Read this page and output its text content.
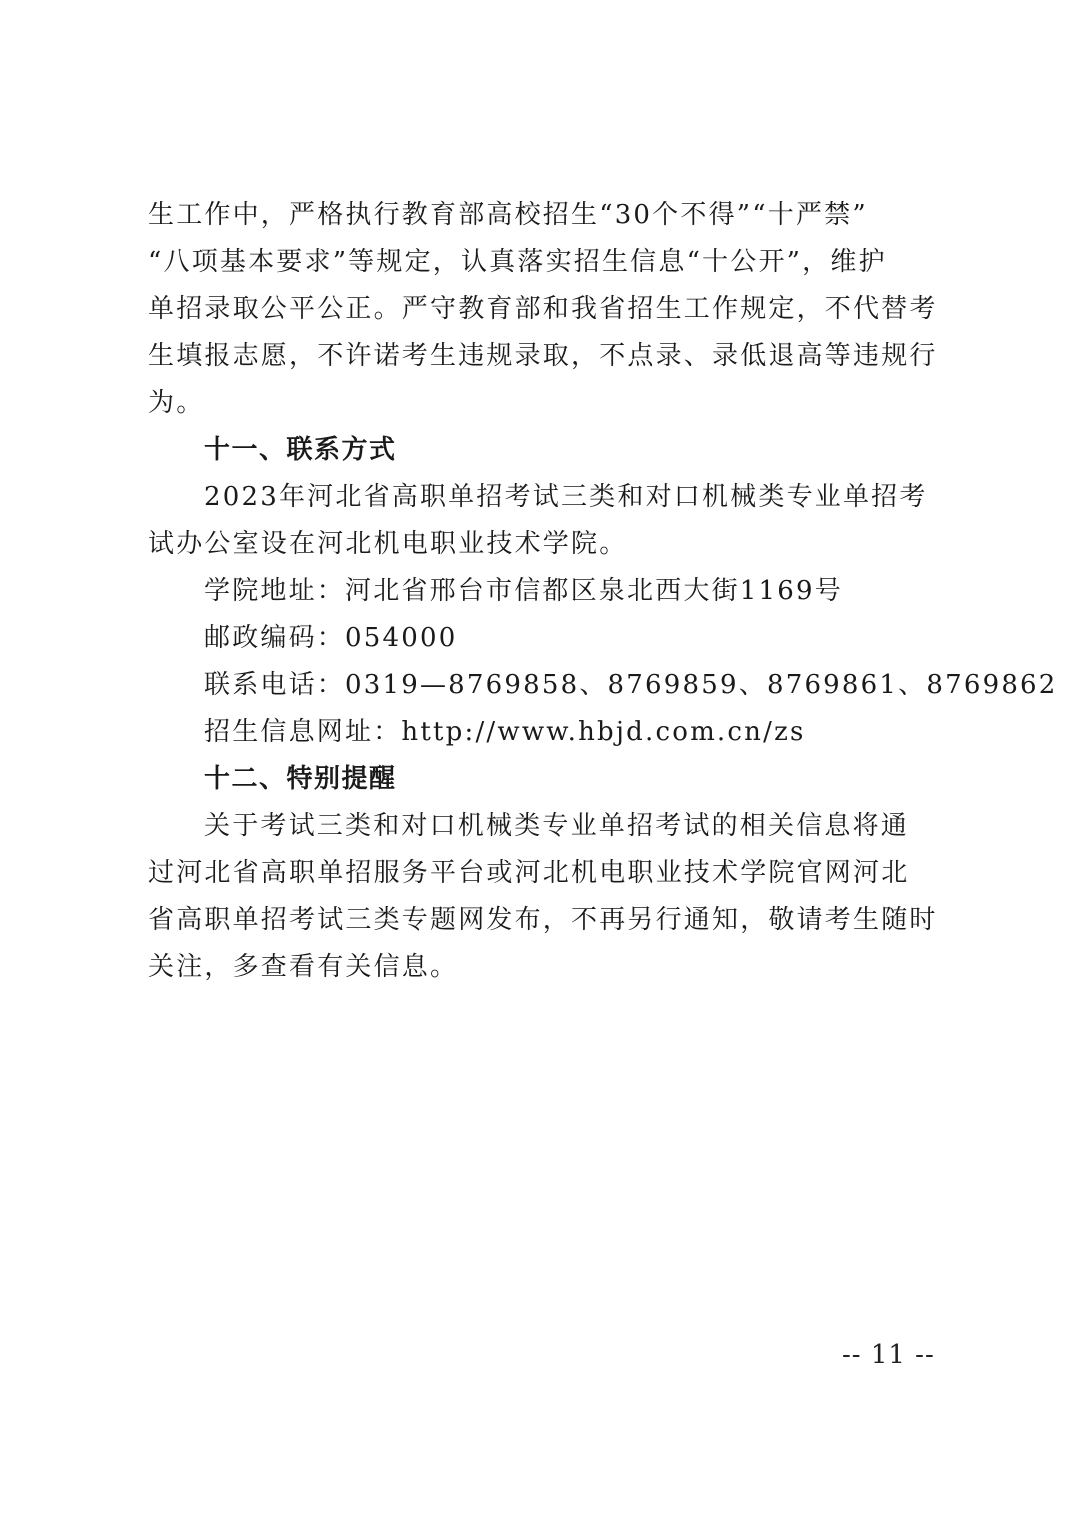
生工作中，严格执行教育部高校招生“30个不得”“十严禁”
“八项基本要求”等规定，认真落实招生信息“十公开”，维护
单招录取公平公正。严守教育部和我省招生工作规定，不代替考
生填报志愿，不许诺考生违规录取，不点录、录低退高等违规行
为。
十一、联系方式
2023年河北省高职单招考试三类和对口机械类专业单招考
试办公室设在河北机电职业技术学院。
学院地址：河北省邢台市信都区泉北西大街1169号
邮政编码：054000
联系电话：0319—8769858、8769859、8769861、8769862
招生信息网址：http://www.hbjd.com.cn/zs
十二、特别提醒
关于考试三类和对口机械类专业单招考试的相关信息将通
过河北省高职单招服务平台或河北机电职业技术学院官网河北
省高职单招考试三类专题网发布，不再另行通知，敬请考生随时
关注，多查看有关信息。
-- 11 --
